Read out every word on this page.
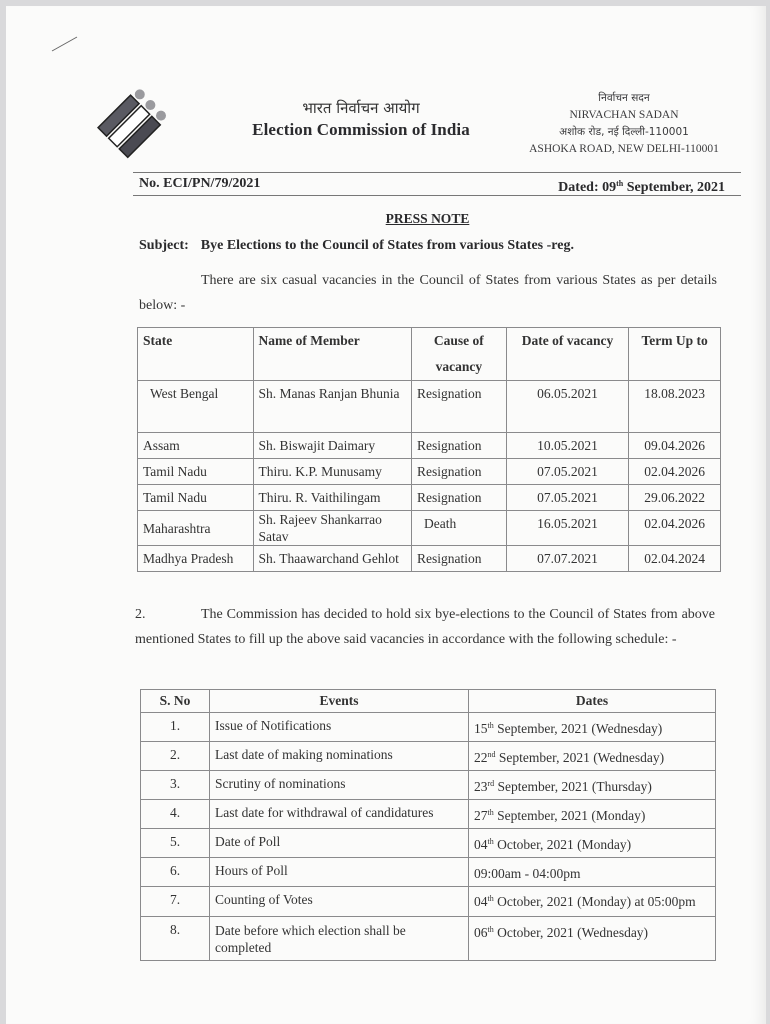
भारत निर्वाचन आयोग
Election Commission of India
निर्वाचन सदन
NIRVACHAN SADAN
अशोक रोड, नई दिल्ली-110001
ASHOKA ROAD, NEW DELHI-110001
No. ECI/PN/79/2021	Dated: 09th September, 2021
PRESS NOTE
Subject: Bye Elections to the Council of States from various States -reg.
There are six casual vacancies in the Council of States from various States as per details below: -
State	Name of Member	Cause of vacancy	Date of vacancy	Term Up to
West Bengal	Sh. Manas Ranjan Bhunia	Resignation	06.05.2021	18.08.2023
Assam	Sh. Biswajit Daimary	Resignation	10.05.2021	09.04.2026
Tamil Nadu	Thiru. K.P. Munusamy	Resignation	07.05.2021	02.04.2026
Tamil Nadu	Thiru. R. Vaithilingam	Resignation	07.05.2021	29.06.2022
Maharashtra	Sh. Rajeev Shankarrao Satav	Death	16.05.2021	02.04.2026
Madhya Pradesh	Sh. Thaawarchand Gehlot	Resignation	07.07.2021	02.04.2024
2.	The Commission has decided to hold six bye-elections to the Council of States from above mentioned States to fill up the above said vacancies in accordance with the following schedule: -
S. No	Events	Dates
1.	Issue of Notifications	15th September, 2021 (Wednesday)
2.	Last date of making nominations	22nd September, 2021 (Wednesday)
3.	Scrutiny of nominations	23rd September, 2021 (Thursday)
4.	Last date for withdrawal of candidatures	27th September, 2021 (Monday)
5.	Date of Poll	04th October, 2021 (Monday)
6.	Hours of Poll	09:00am - 04:00pm
7.	Counting of Votes	04th October, 2021 (Monday) at 05:00pm
8.	Date before which election shall be completed	06th October, 2021 (Wednesday)
